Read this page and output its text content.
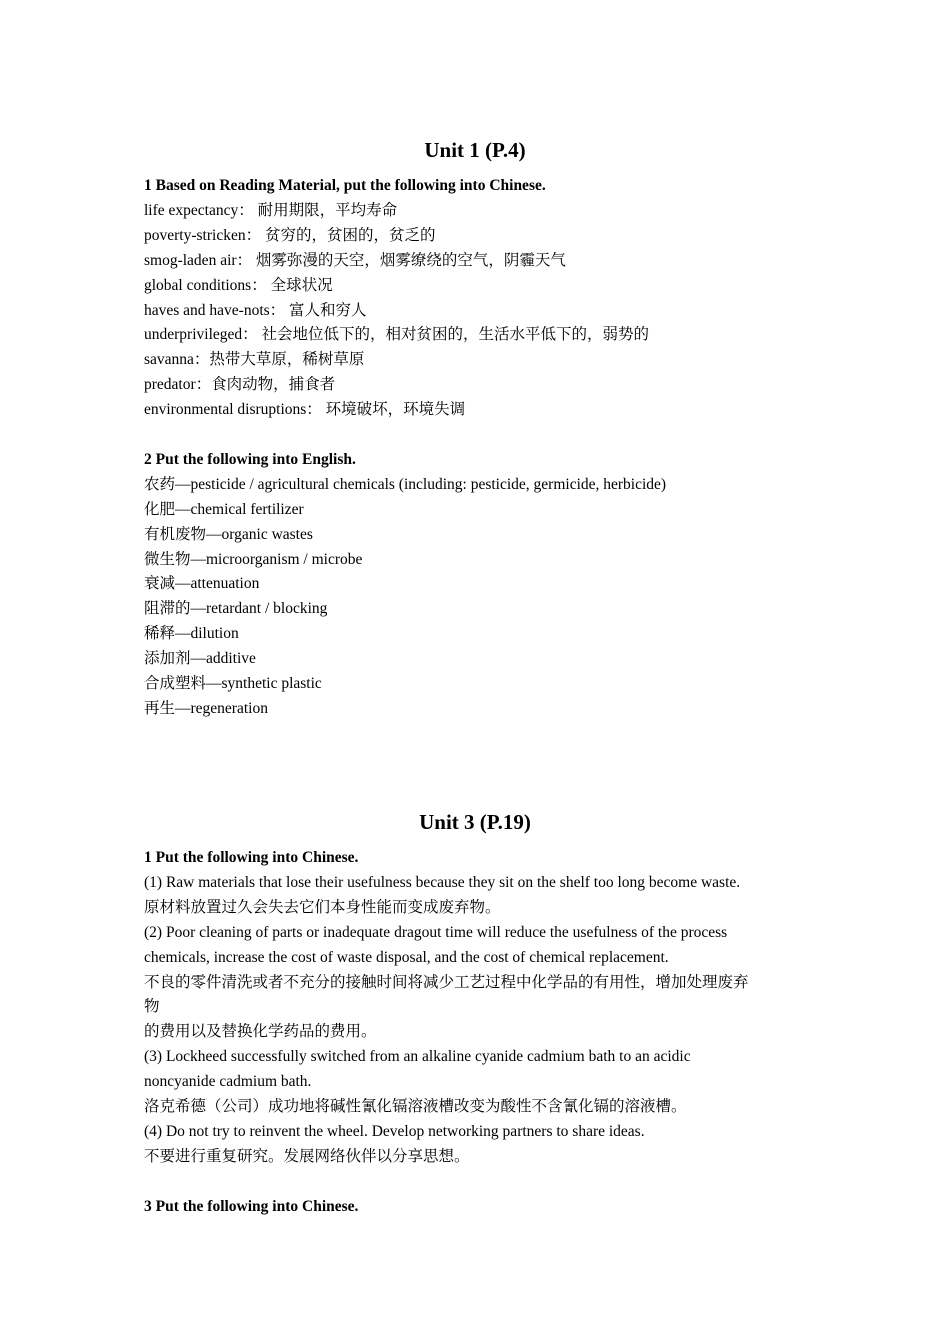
Unit 1 (P.4)
1 Based on Reading Material, put the following into Chinese.
life expectancy： 耐用期限，平均寿命
poverty-stricken： 贫穷的，贫困的，贫乏的
smog-laden air： 烟雾弥漫的天空，烟雾缭绕的空气，阴霾天气
global conditions： 全球状况
haves and have-nots： 富人和穷人
underprivileged： 社会地位低下的，相对贫困的，生活水平低下的，弱势的
savanna：热带大草原，稀树草原
predator：食肉动物，捕食者
environmental disruptions： 环境破坏，环境失调
2 Put the following into English.
农药—pesticide / agricultural chemicals (including: pesticide, germicide, herbicide)
化肥—chemical fertilizer
有机废物—organic wastes
微生物—microorganism / microbe
衰减—attenuation
阻滞的—retardant / blocking
稀释—dilution
添加剂—additive
合成塑料—synthetic plastic
再生—regeneration
Unit 3 (P.19)
1 Put the following into Chinese.
(1) Raw materials that lose their usefulness because they sit on the shelf too long become waste.
原材料放置过久会失去它们本身性能而变成废弃物。
(2) Poor cleaning of parts or inadequate dragout time will reduce the usefulness of the process
chemicals, increase the cost of waste disposal, and the cost of chemical replacement.
不良的零件清洗或者不充分的接触时间将减少工艺过程中化学品的有用性，增加处理废弃
物
的费用以及替换化学药品的费用。
(3) Lockheed successfully switched from an alkaline cyanide cadmium bath to an acidic
noncyanide cadmium bath.
洛克希德（公司）成功地将碱性氰化镉溶液槽改变为酸性不含氰化镉的溶液槽。
(4) Do not try to reinvent the wheel. Develop networking partners to share ideas.
不要进行重复研究。发展网络伙伴以分享思想。
3 Put the following into Chinese.
